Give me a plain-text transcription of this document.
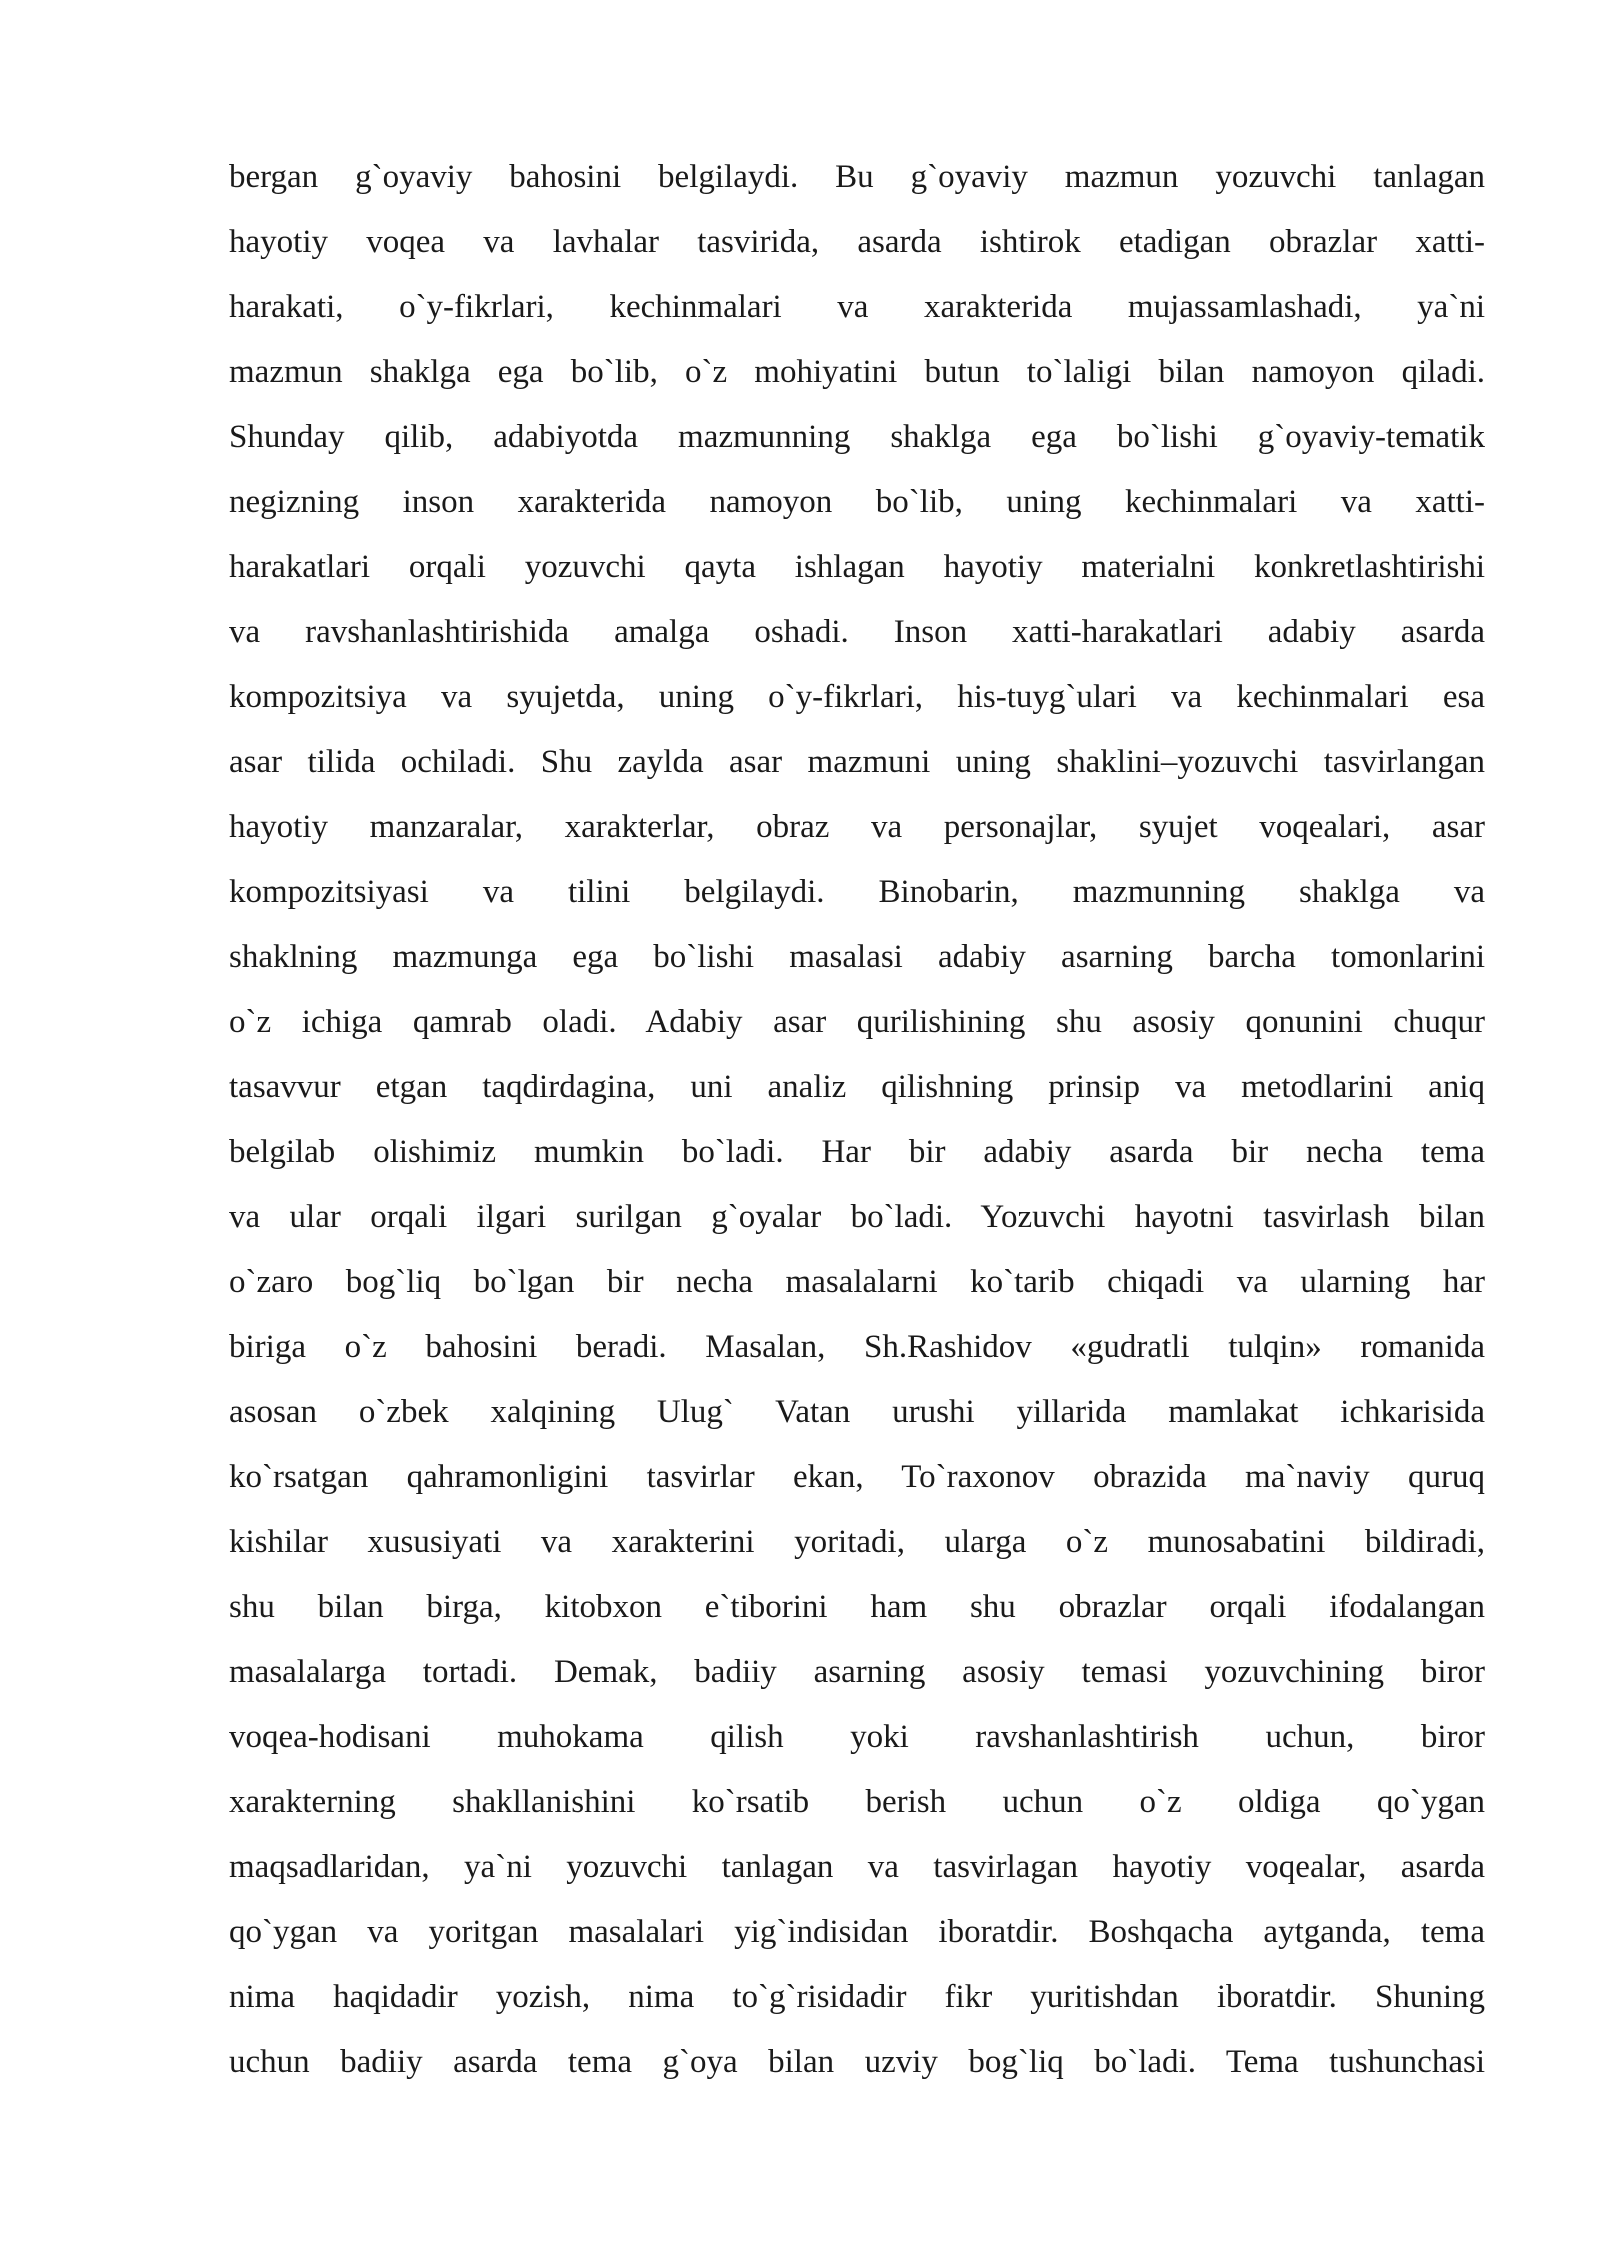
bergan g`oyaviy bahosini belgilaydi. Bu g`oyaviy mazmun yozuvchi tanlagan
hayotiy voqea va lavhalar tasvirida, asarda ishtirok etadigan obrazlar xatti-
harakati, o`y-fikrlari, kechinmalari va xarakterida mujassamlashadi, ya`ni
mazmun shaklga ega bo`lib, o`z mohiyatini butun to`laligi bilan namoyon qiladi.
Shunday qilib, adabiyotda mazmunning shaklga ega bo`lishi g`oyaviy-tematik
negizning inson xarakterida namoyon bo`lib, uning kechinmalari va xatti-
harakatlari orqali yozuvchi qayta ishlagan hayotiy materialni konkretlashtirishi
va ravshanlashtirishida amalga oshadi. Inson xatti-harakatlari adabiy asarda
kompozitsiya va syujetda, uning o`y-fikrlari, his-tuyg`ulari va kechinmalari esa
asar tilida ochiladi. Shu zaylda asar mazmuni uning shaklini–yozuvchi tasvirlangan
hayotiy manzaralar, xarakterlar, obraz va personajlar, syujet voqealari, asar
kompozitsiyasi va tilini belgilaydi. Binobarin, mazmunning shaklga va
shaklning mazmunga ega bo`lishi masalasi adabiy asarning barcha tomonlarini
o`z ichiga qamrab oladi. Adabiy asar qurilishining shu asosiy qonunini chuqur
tasavvur etgan taqdirdagina, uni analiz qilishning prinsip va metodlarini aniq
belgilab olishimiz mumkin bo`ladi. Har bir adabiy asarda bir necha tema
va ular orqali ilgari surilgan g`oyalar bo`ladi. Yozuvchi hayotni tasvirlash bilan
o`zaro bog`liq bo`lgan bir necha masalalarni ko`tarib chiqadi va ularning har
biriga o`z bahosini beradi. Masalan, Sh.Rashidov «gudratli tulqin» romanida
asosan o`zbek xalqining Ulug` Vatan urushi yillarida mamlakat ichkarisida
ko`rsatgan qahramonligini tasvirlar ekan, To`raxonov obrazida ma`naviy quruq
kishilar xususiyati va xarakterini yoritadi, ularga o`z munosabatini bildiradi,
shu bilan birga, kitobxon e`tiborini ham shu obrazlar orqali ifodalangan
masalalarga tortadi. Demak, badiiy asarning asosiy temasi yozuvchining biror
voqea-hodisani muhokama qilish yoki ravshanlashtirish uchun, biror
xarakterning shakllanishini ko`rsatib berish uchun o`z oldiga qo`ygan
maqsadlaridan, ya`ni yozuvchi tanlagan va tasvirlagan hayotiy voqealar, asarda
qo`ygan va yoritgan masalalari yig`indisidan iboratdir. Boshqacha aytganda, tema
nima haqidadir yozish, nima to`g`risidadir fikr yuritishdan iboratdir. Shuning
uchun badiiy asarda tema g`oya bilan uzviy bog`liq bo`ladi. Tema tushunchasi
